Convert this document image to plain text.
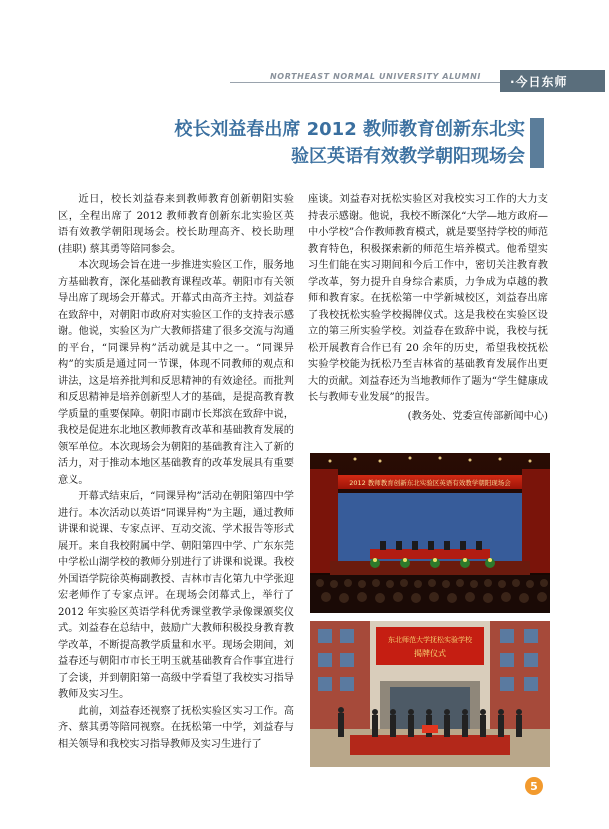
NORTHEAST NORMAL UNIVERSITY ALUMNI	·今日东师
校长刘益春出席 2012 教师教育创新东北实
验区英语有效教学朝阳现场会

近日，校长刘益春来到教师教育创新朝阳实验区，全程出席了 2012 教师教育创新东北实验区英语有效教学朝阳现场会。校长助理高齐、校长助理(挂职) 蔡其勇等陪同参会。

本次现场会旨在进一步推进实验区工作，服务地方基础教育，深化基础教育课程改革。朝阳市有关领导出席了现场会开幕式。开幕式由高齐主持。刘益春在致辞中，对朝阳市政府对实验区工作的支持表示感谢。他说，实验区为广大教师搭建了很多交流与沟通的平台，“同课异构”活动就是其中之一。“同课异构”的实质是通过同一节课，体现不同教师的观点和讲法，这是培养批判和反思精神的有效途径。而批判和反思精神是培养创新型人才的基础，是提高教育教学质量的重要保障。朝阳市副市长郑滨在致辞中说，我校是促进东北地区教师教育改革和基础教育发展的领军单位。本次现场会为朝阳的基础教育注入了新的活力，对于推动本地区基础教育的改革发展具有重要意义。

开幕式结束后，“同课异构”活动在朝阳第四中学进行。本次活动以英语“同课异构”为主题，通过教师讲课和说课、专家点评、互动交流、学术报告等形式展开。来自我校附属中学、朝阳第四中学、广东东莞中学松山湖学校的教师分别进行了讲课和说课。我校外国语学院徐英梅副教授、吉林市吉化第九中学张迎宏老师作了专家点评。在现场会闭幕式上，举行了 2012 年实验区英语学科优秀课堂教学录像课颁奖仪式。刘益春在总结中，鼓励广大教师积极投身教育教学改革，不断提高教学质量和水平。现场会期间，刘益春还与朝阳市市长王明玉就基础教育合作事宜进行了会谈，并到朝阳第一高级中学看望了我校实习指导教师及实习生。

此前，刘益春还视察了抚松实验区实习工作。高齐、蔡其勇等陪同视察。在抚松第一中学，刘益春与相关领导和我校实习指导教师及实习生进行了

座谈。刘益春对抚松实验区对我校实习工作的大力支持表示感谢。他说，我校不断深化“大学—地方政府—中小学校”合作教师教育模式，就是要坚持学校的师范教育特色，积极探索新的师范生培养模式。他希望实习生们能在实习期间和今后工作中，密切关注教育教学改革，努力提升自身综合素质，力争成为卓越的教师和教育家。在抚松第一中学新城校区，刘益春出席了我校抚松实验学校揭牌仪式。这是我校在实验区设立的第三所实验学校。刘益春在致辞中说，我校与抚松开展教育合作已有 20 余年的历史，希望我校抚松实验学校能为抚松乃至吉林省的基础教育发展作出更大的贡献。刘益春还为当地教师作了题为“学生健康成长与教师专业发展”的报告。

(教务处、党委宣传部新闻中心)

2012 教师教育创新东北实验区英语有效教学朝阳现场会
东北师范大学抚松实验学校
揭牌仪式
5
